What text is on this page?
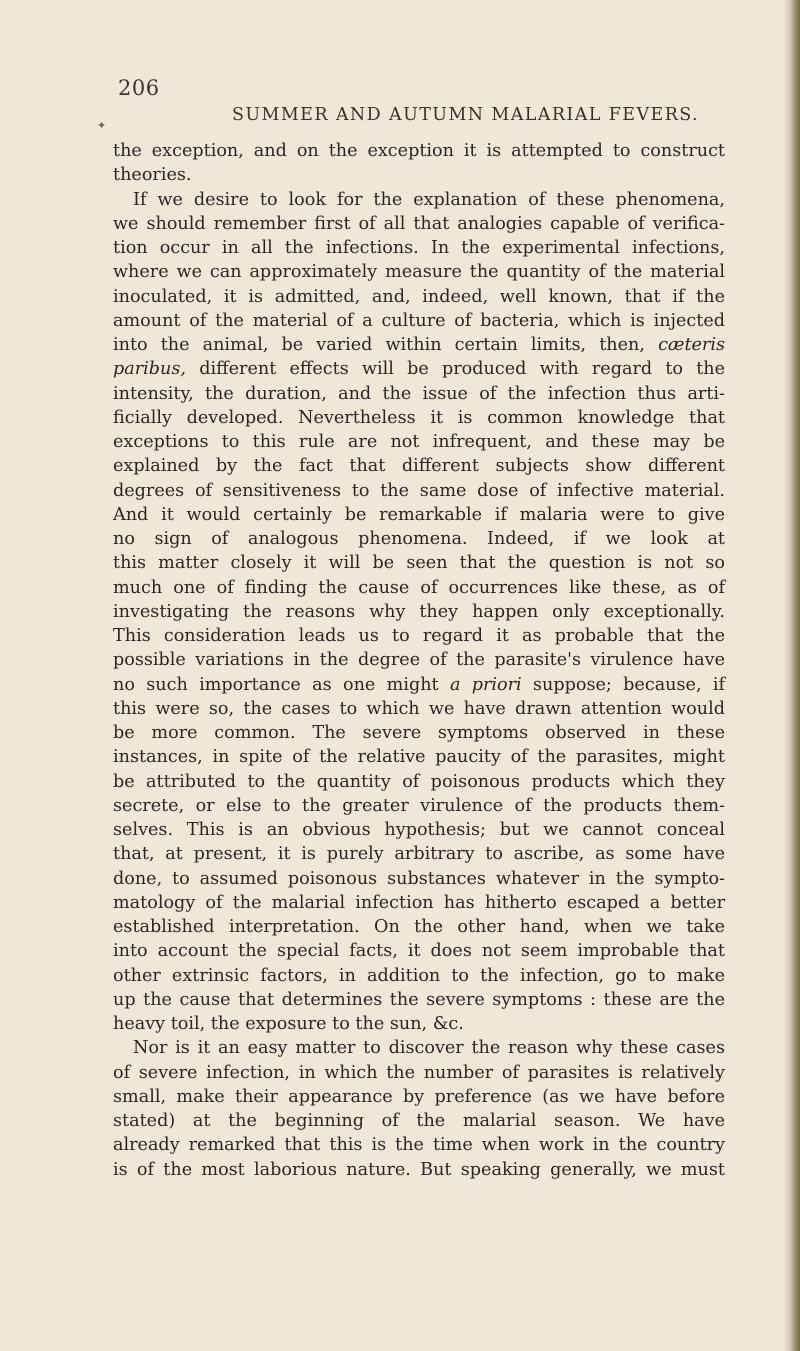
✦
206
SUMMER AND AUTUMN MALARIAL FEVERS.
the exception, and on the exception it is attempted to construct
theories.
If we desire to look for the explanation of these phenomena,
we should remember first of all that analogies capable of verifica-
tion occur in all the infections. In the experimental infections,
where we can approximately measure the quantity of the material
inoculated, it is admitted, and, indeed, well known, that if the
amount of the material of a culture of bacteria, which is injected
into the animal, be varied within certain limits, then, cæteris
paribus, different effects will be produced with regard to the
intensity, the duration, and the issue of the infection thus arti-
ficially developed. Nevertheless it is common knowledge that
exceptions to this rule are not infrequent, and these may be
explained by the fact that different subjects show different
degrees of sensitiveness to the same dose of infective material.
And it would certainly be remarkable if malaria were to give
no sign of analogous phenomena. Indeed, if we look at
this matter closely it will be seen that the question is not so
much one of finding the cause of occurrences like these, as of
investigating the reasons why they happen only exceptionally.
This consideration leads us to regard it as probable that the
possible variations in the degree of the parasite's virulence have
no such importance as one might a priori suppose; because, if
this were so, the cases to which we have drawn attention would
be more common. The severe symptoms observed in these
instances, in spite of the relative paucity of the parasites, might
be attributed to the quantity of poisonous products which they
secrete, or else to the greater virulence of the products them-
selves. This is an obvious hypothesis; but we cannot conceal
that, at present, it is purely arbitrary to ascribe, as some have
done, to assumed poisonous substances whatever in the sympto-
matology of the malarial infection has hitherto escaped a better
established interpretation. On the other hand, when we take
into account the special facts, it does not seem improbable that
other extrinsic factors, in addition to the infection, go to make
up the cause that determines the severe symptoms : these are the
heavy toil, the exposure to the sun, &c.
Nor is it an easy matter to discover the reason why these cases
of severe infection, in which the number of parasites is relatively
small, make their appearance by preference (as we have before
stated) at the beginning of the malarial season. We have
already remarked that this is the time when work in the country
is of the most laborious nature. But speaking generally, we must
